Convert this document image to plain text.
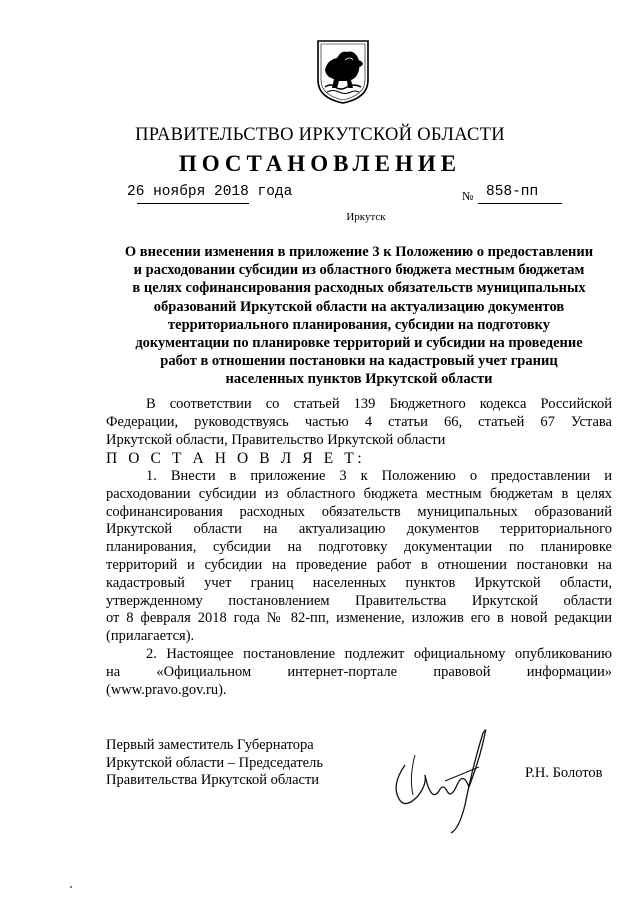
ПРАВИТЕЛЬСТВО ИРКУТСКОЙ ОБЛАСТИ
ПОСТАНОВЛЕНИЕ
26 ноября 2018 года	№ 858-пп
Иркутск
О внесении изменения в приложение 3 к Положению о предоставлении
и расходовании субсидии из областного бюджета местным бюджетам
в целях софинансирования расходных обязательств муниципальных
образований Иркутской области на актуализацию документов
территориального планирования, субсидии на подготовку
документации по планировке территорий и субсидии на проведение
работ в отношении постановки на кадастровый учет границ
населенных пунктов Иркутской области
В соответствии со статьей 139 Бюджетного кодекса Российской
Федерации, руководствуясь частью 4 статьи 66, статьей 67 Устава
Иркутской области, Правительство Иркутской области
П О С Т А Н О В Л Я Е Т:
1. Внести в приложение 3 к Положению о предоставлении и
расходовании субсидии из областного бюджета местным бюджетам в целях
софинансирования расходных обязательств муниципальных образований
Иркутской области на актуализацию документов территориального
планирования, субсидии на подготовку документации по планировке
территорий и субсидии на проведение работ в отношении постановки на
кадастровый учет границ населенных пунктов Иркутской области,
утвержденному постановлением Правительства Иркутской области
от 8 февраля 2018 года № 82-пп, изменение, изложив его в новой редакции
(прилагается).
2. Настоящее постановление подлежит официальному опубликованию
на «Официальном интернет-портале правовой информации»
(www.pravo.gov.ru).
Первый заместитель Губернатора
Иркутской области – Председатель
Правительства Иркутской области	Р.Н. Болотов
